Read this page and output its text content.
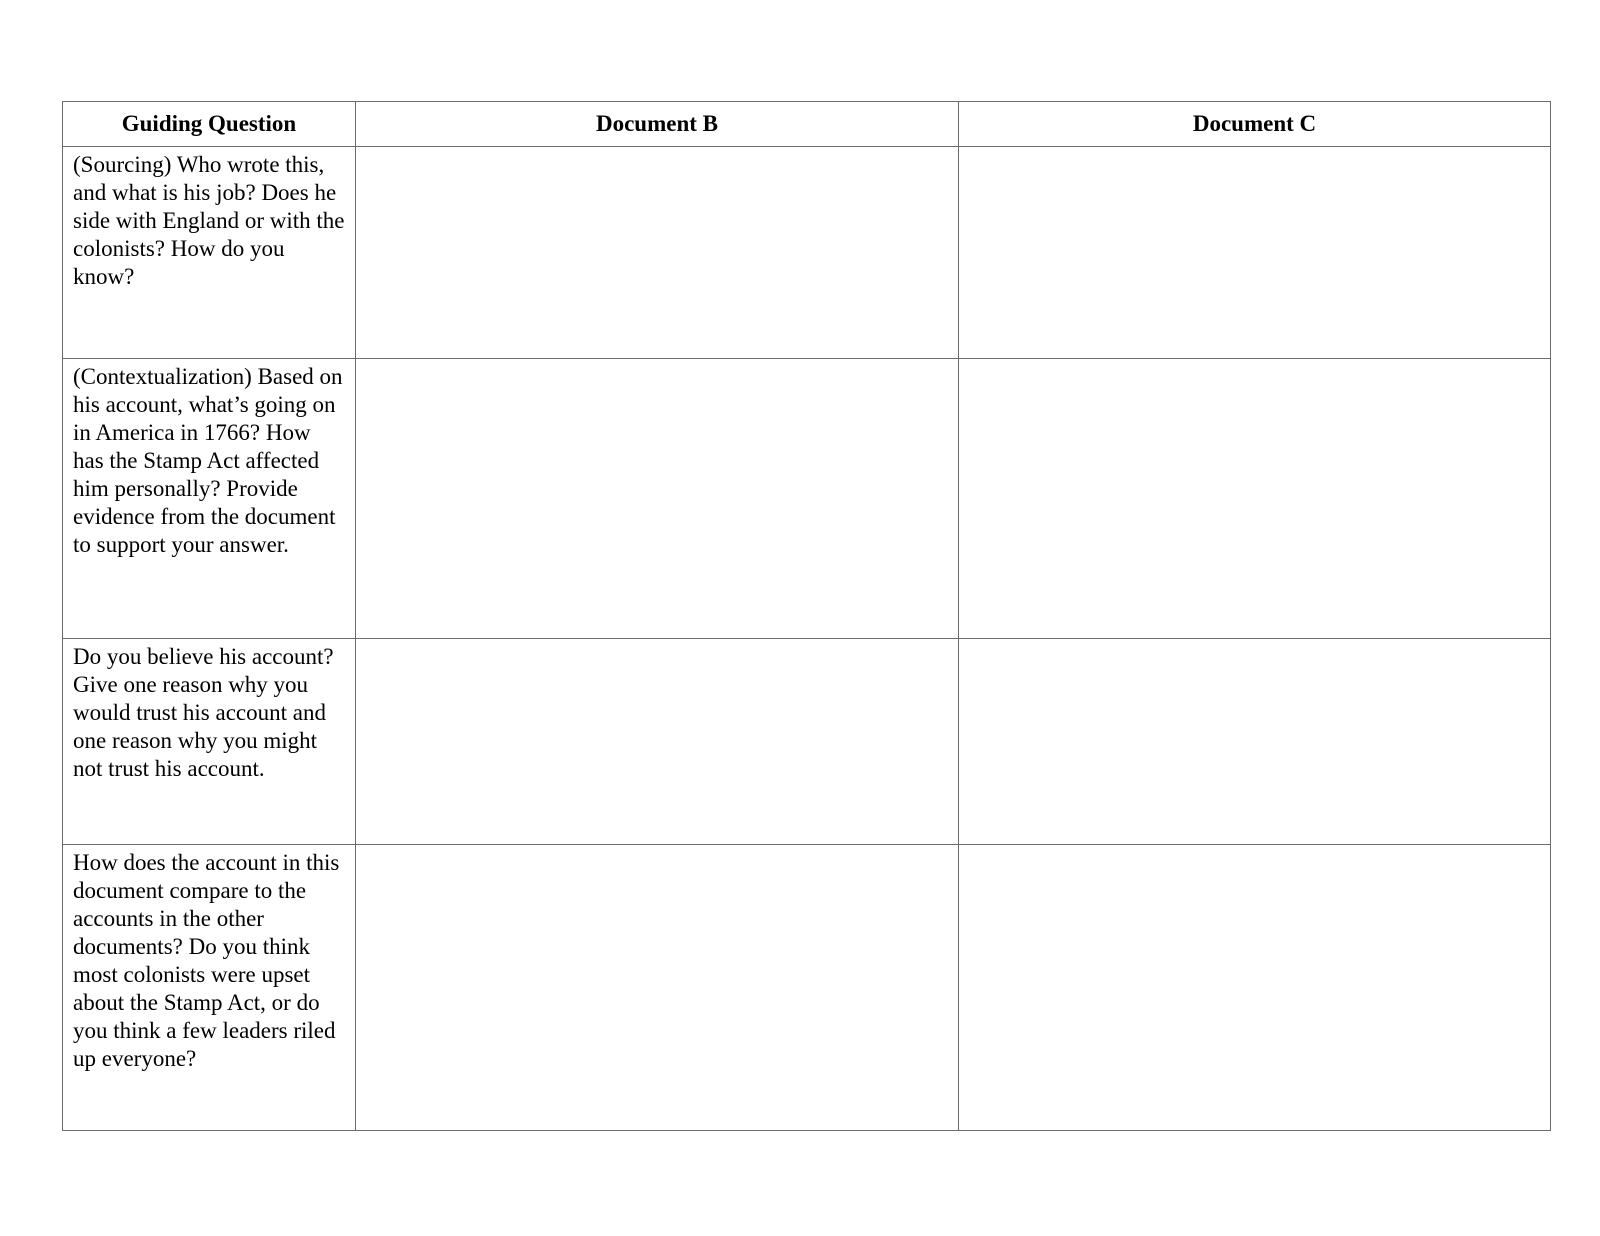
Guiding Question	Document B	Document C
(Sourcing) Who wrote this, and what is his job? Does he side with England or with the colonists? How do you know?		
(Contextualization) Based on his account, what’s going on in America in 1766? How has the Stamp Act affected him personally? Provide evidence from the document to support your answer.		
Do you believe his account? Give one reason why you would trust his account and one reason why you might not trust his account.		
How does the account in this document compare to the accounts in the other documents? Do you think most colonists were upset about the Stamp Act, or do you think a few leaders riled up everyone?		
